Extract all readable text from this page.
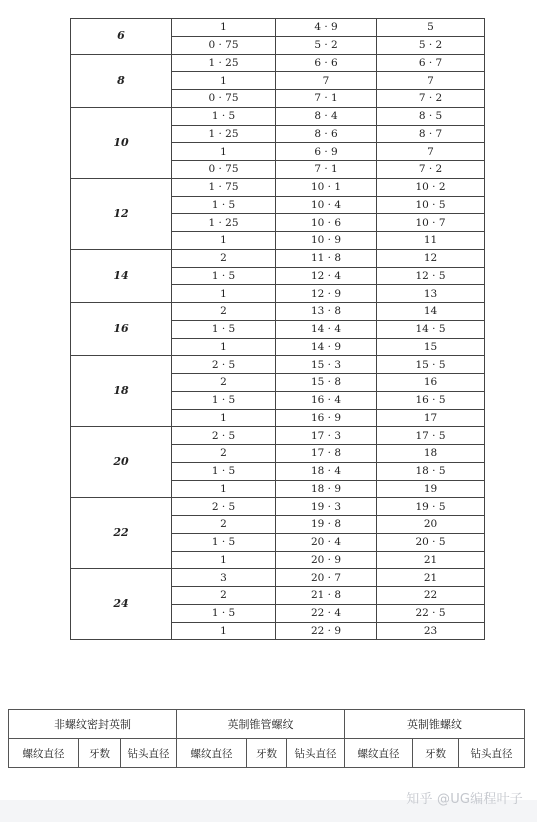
6	1	4 · 9	5
	0 · 75	5 · 2	5 · 2
8	1 · 25	6 · 6	6 · 7
	1	7	7
	0 · 75	7 · 1	7 · 2
10	1 · 5	8 · 4	8 · 5
	1 · 25	8 · 6	8 · 7
	1	6 · 9	7
	0 · 75	7 · 1	7 · 2
12	1 · 75	10 · 1	10 · 2
	1 · 5	10 · 4	10 · 5
	1 · 25	10 · 6	10 · 7
	1	10 · 9	11
14	2	11 · 8	12
	1 · 5	12 · 4	12 · 5
	1	12 · 9	13
16	2	13 · 8	14
	1 · 5	14 · 4	14 · 5
	1	14 · 9	15
18	2 · 5	15 · 3	15 · 5
	2	15 · 8	16
	1 · 5	16 · 4	16 · 5
	1	16 · 9	17
20	2 · 5	17 · 3	17 · 5
	2	17 · 8	18
	1 · 5	18 · 4	18 · 5
	1	18 · 9	19
22	2 · 5	19 · 3	19 · 5
	2	19 · 8	20
	1 · 5	20 · 4	20 · 5
	1	20 · 9	21
24	3	20 · 7	21
	2	21 · 8	22
	1 · 5	22 · 4	22 · 5
	1	22 · 9	23
非螺纹密封英制			英制锥管螺纹			英制锥螺纹		
螺纹直径	牙数	钻头直径	螺纹直径	牙数	钻头直径	螺纹直径	牙数	钻头直径
知乎 @UG编程叶子
